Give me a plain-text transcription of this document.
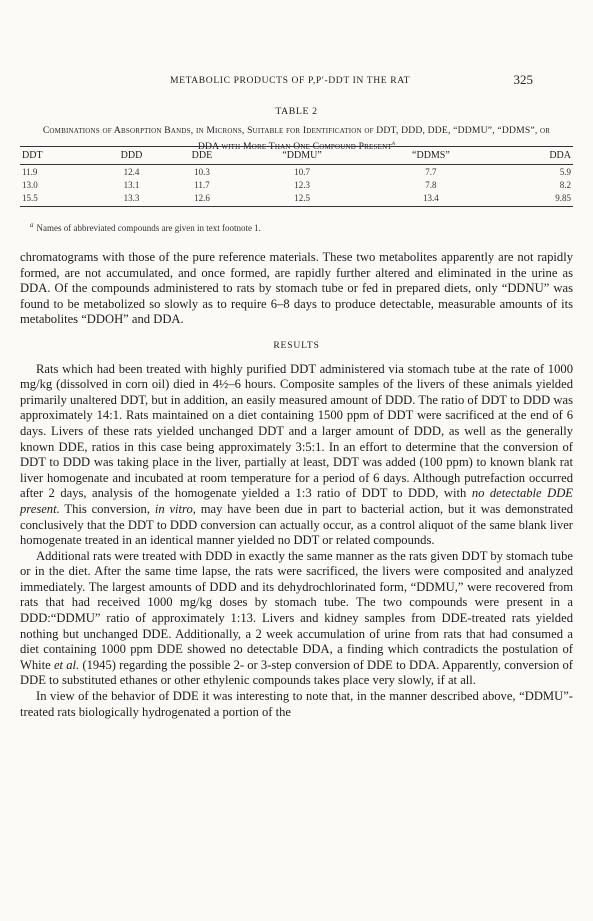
METABOLIC PRODUCTS OF P,P′-DDT IN THE RAT	325
TABLE 2
Combinations of Absorption Bands, in Microns, Suitable for Identification of DDT, DDD, DDE, “DDMU”, “DDMS”, or DDA with More Than One Compound Present$^a$
DDT	DDD	DDE	“DDMU”	“DDMS”	DDA
11.9	12.4	10.3	10.7	7.7	5.9
13.0	13.1	11.7	12.3	7.8	8.2
15.5	13.3	12.6	12.5	13.4	9.85
$^a$ Names of abbreviated compounds are given in text footnote 1.

chromatograms with those of the pure reference materials. These two metabolites apparently are not rapidly formed, are not accumulated, and once formed, are rapidly further altered and eliminated in the urine as DDA. Of the compounds administered to rats by stomach tube or fed in prepared diets, only “DDNU” was found to be metabolized so slowly as to require 6–8 days to produce detectable, measurable amounts of its metabolites “DDOH” and DDA.

RESULTS

Rats which had been treated with highly purified DDT administered via stomach tube at the rate of 1000 mg/kg (dissolved in corn oil) died in 4½–6 hours. Composite samples of the livers of these animals yielded primarily unaltered DDT, but in addition, an easily measured amount of DDD. The ratio of DDT to DDD was approximately 14:1. Rats maintained on a diet containing 1500 ppm of DDT were sacrificed at the end of 6 days. Livers of these rats yielded unchanged DDT and a larger amount of DDD, as well as the generally known DDE, ratios in this case being approximately 3:5:1. In an effort to determine that the conversion of DDT to DDD was taking place in the liver, partially at least, DDT was added (100 ppm) to known blank rat liver homogenate and incubated at room temperature for a period of 6 days. Although putrefaction occurred after 2 days, analysis of the homogenate yielded a 1:3 ratio of DDT to DDD, with no detectable DDE present. This conversion, in vitro, may have been due in part to bacterial action, but it was demonstrated conclusively that the DDT to DDD conversion can actually occur, as a control aliquot of the same blank liver homogenate treated in an identical manner yielded no DDT or related compounds.

Additional rats were treated with DDD in exactly the same manner as the rats given DDT by stomach tube or in the diet. After the same time lapse, the rats were sacrificed, the livers were composited and analyzed immediately. The largest amounts of DDD and its dehydrochlorinated form, “DDMU,” were recovered from rats that had received 1000 mg/kg doses by stomach tube. The two compounds were present in a DDD:“DDMU” ratio of approximately 1:13. Livers and kidney samples from DDE-treated rats yielded nothing but unchanged DDE. Additionally, a 2 week accumulation of urine from rats that had consumed a diet containing 1000 ppm DDE showed no detectable DDA, a finding which contradicts the postulation of White et al. (1945) regarding the possible 2- or 3-step conversion of DDE to DDA. Apparently, conversion of DDE to substituted ethanes or other ethylenic compounds takes place very slowly, if at all.

In view of the behavior of DDE it was interesting to note that, in the manner described above, “DDMU”-treated rats biologically hydrogenated a portion of the
